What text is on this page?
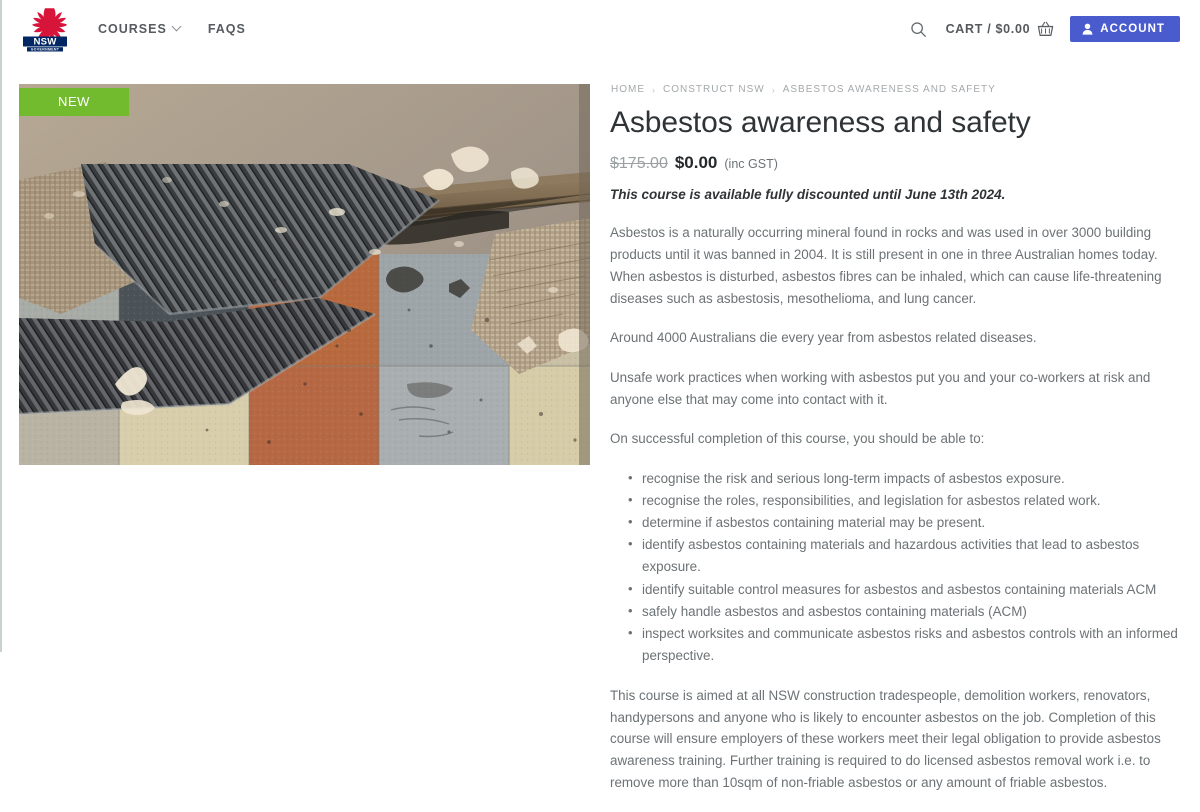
NSW
GOVERNMENT
COURSES	FAQS	CART / $0.00	ACCOUNT
NEW
HOME › CONSTRUCT NSW › ASBESTOS AWARENESS AND SAFETY
Asbestos awareness and safety
$175.00 $0.00 (inc GST)

This course is available fully discounted until June 13th 2024.

Asbestos is a naturally occurring mineral found in rocks and was used in over 3000 building products until it was banned in 2004. It is still present in one in three Australian homes today. When asbestos is disturbed, asbestos fibres can be inhaled, which can cause life-threatening diseases such as asbestosis, mesothelioma, and lung cancer.

Around 4000 Australians die every year from asbestos related diseases.

Unsafe work practices when working with asbestos put you and your co-workers at risk and anyone else that may come into contact with it.

On successful completion of this course, you should be able to:

• recognise the risk and serious long-term impacts of asbestos exposure.
• recognise the roles, responsibilities, and legislation for asbestos related work.
• determine if asbestos containing material may be present.
• identify asbestos containing materials and hazardous activities that lead to asbestos exposure.
• identify suitable control measures for asbestos and asbestos containing materials ACM
• safely handle asbestos and asbestos containing materials (ACM)
• inspect worksites and communicate asbestos risks and asbestos controls with an informed perspective.

This course is aimed at all NSW construction tradespeople, demolition workers, renovators, handypersons and anyone who is likely to encounter asbestos on the job. Completion of this course will ensure employers of these workers meet their legal obligation to provide asbestos awareness training. Further training is required to do licensed asbestos removal work i.e. to remove more than 10sqm of non-friable asbestos or any amount of friable asbestos.
